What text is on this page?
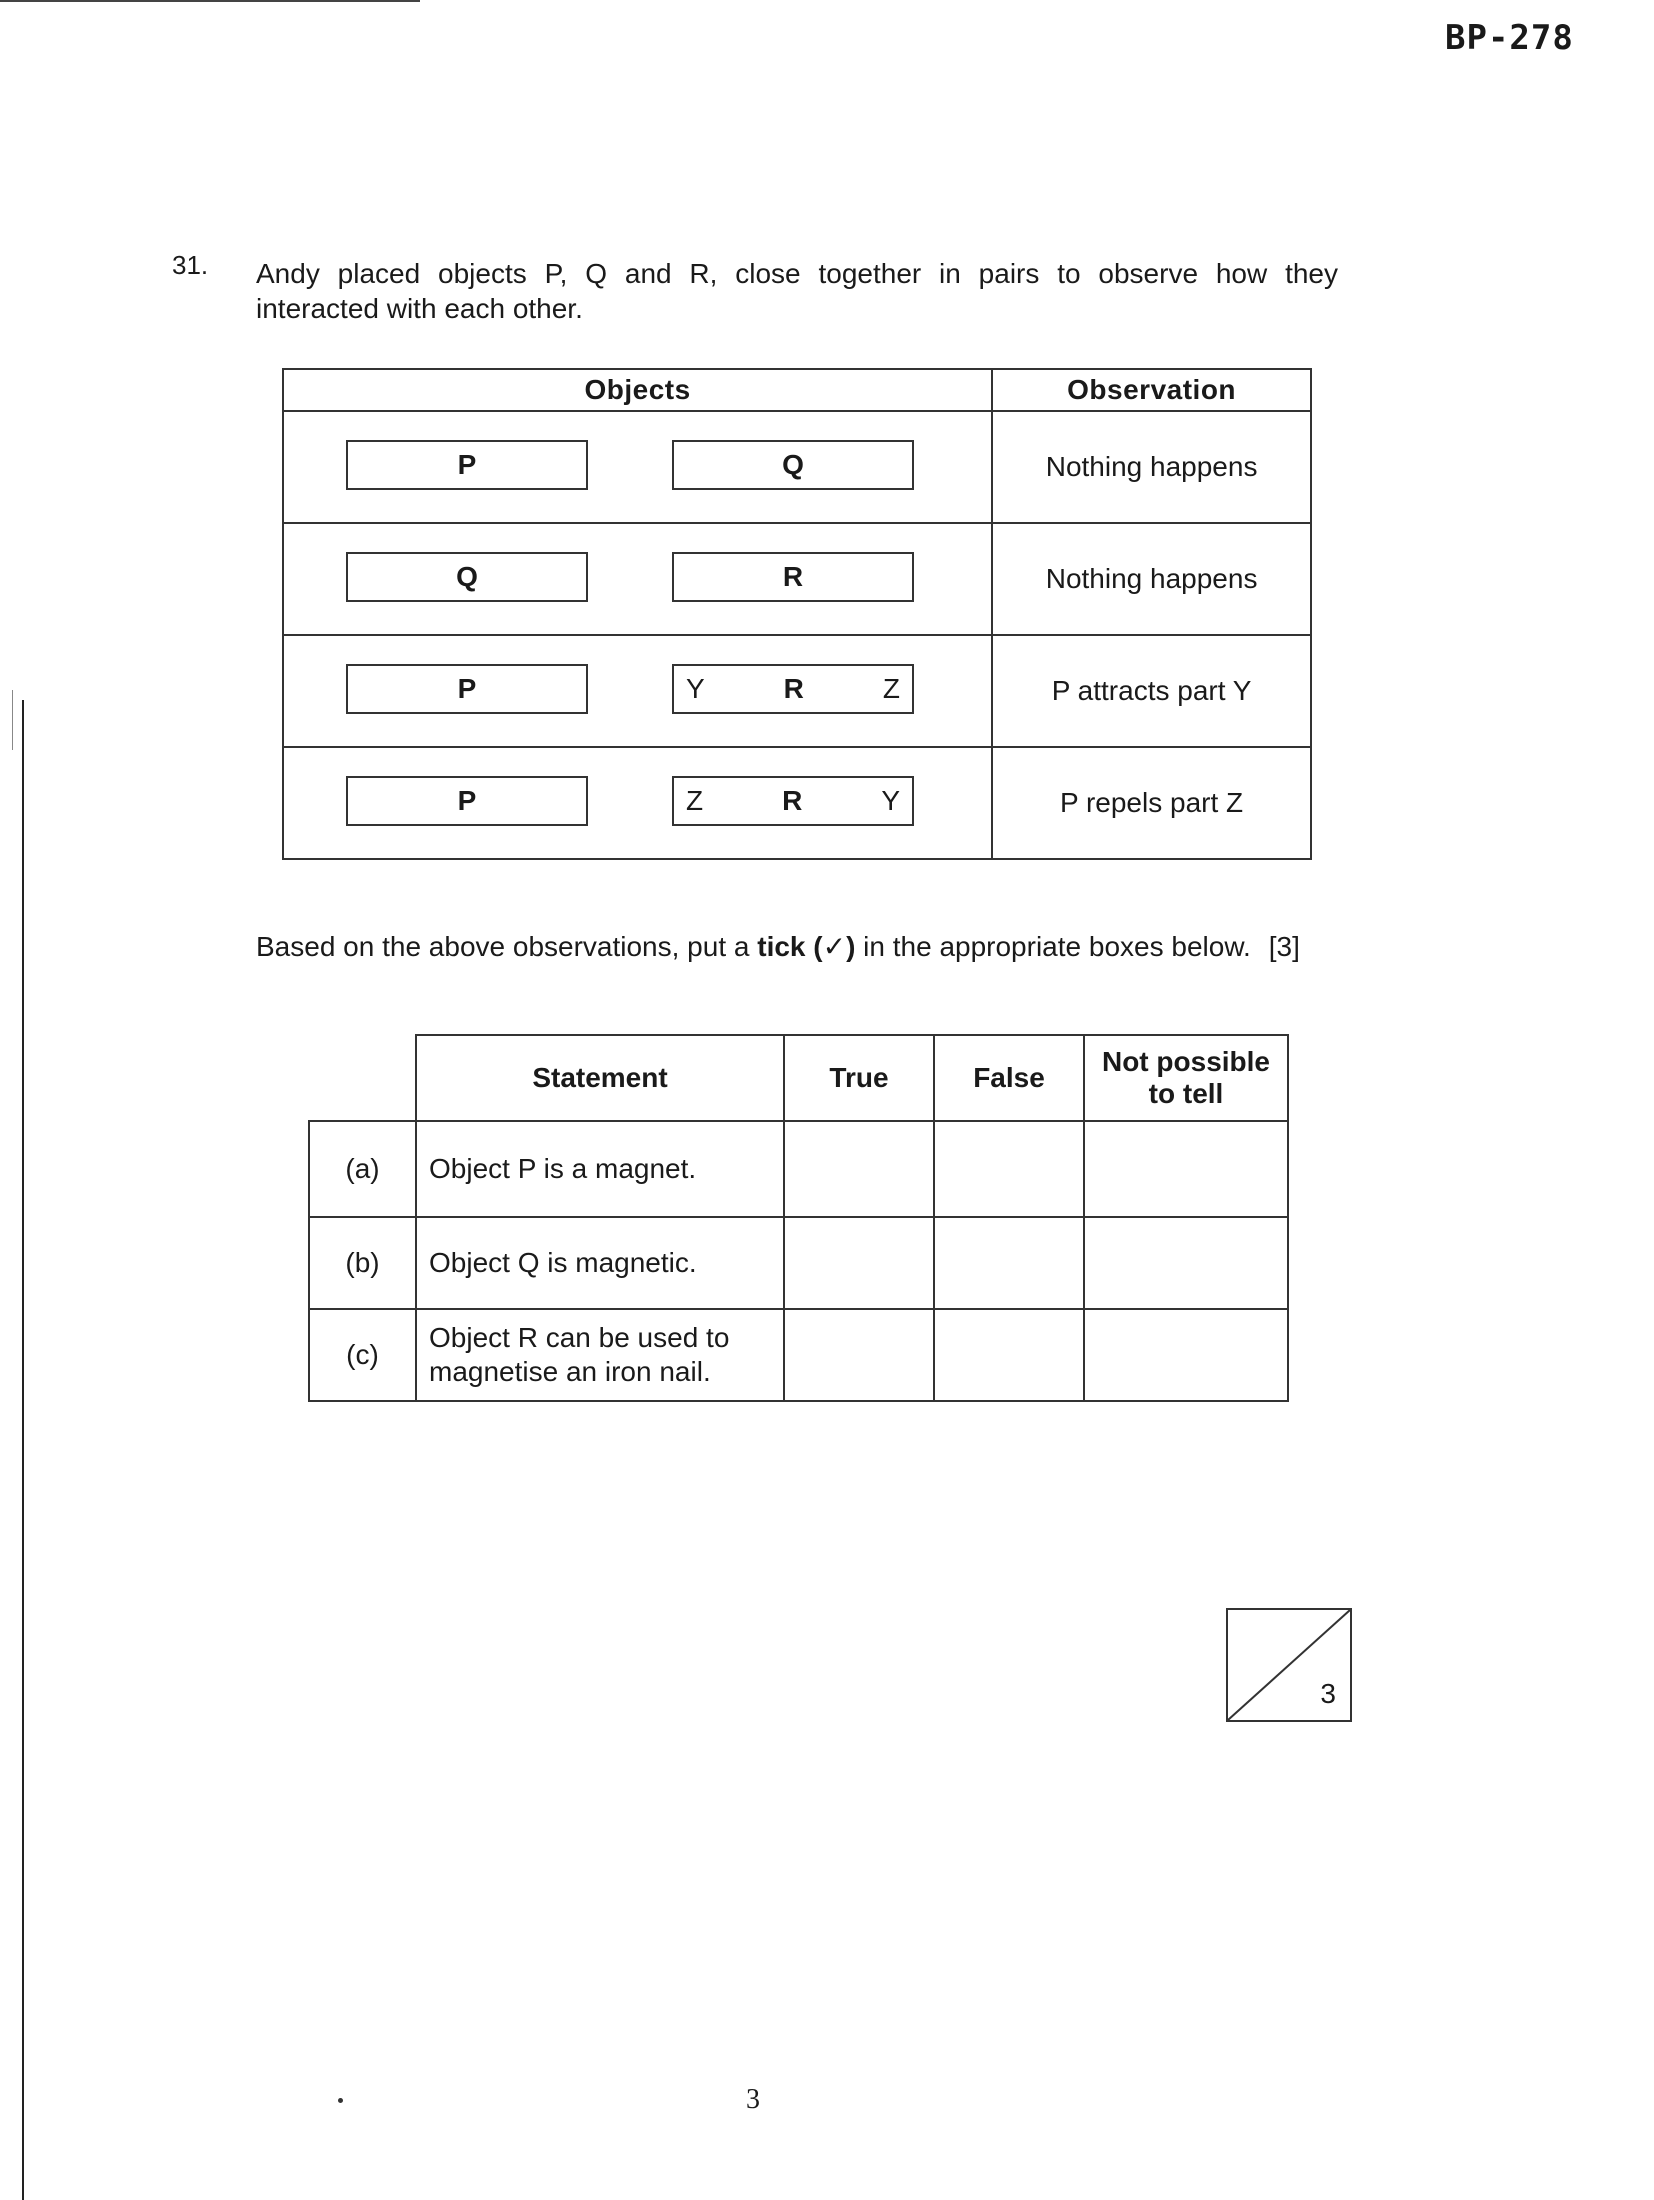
BP-278
31. Andy placed objects P, Q and R, close together in pairs to observe how they
interacted with each other.
Objects	Observation

P Q	Nothing happens

Q R	Nothing happens

P Y R Z	P attracts part Y

P Z R Y	P repels part Z
Based on the above observations, put a tick (✓) in the appropriate boxes below. [3]
	Statement	True	False	Not possible
to tell
(a)	Object P is a magnet.			
(b)	Object Q is magnetic.			
(c)	Object R can be used to
magnetise an iron nail.			
3
3
